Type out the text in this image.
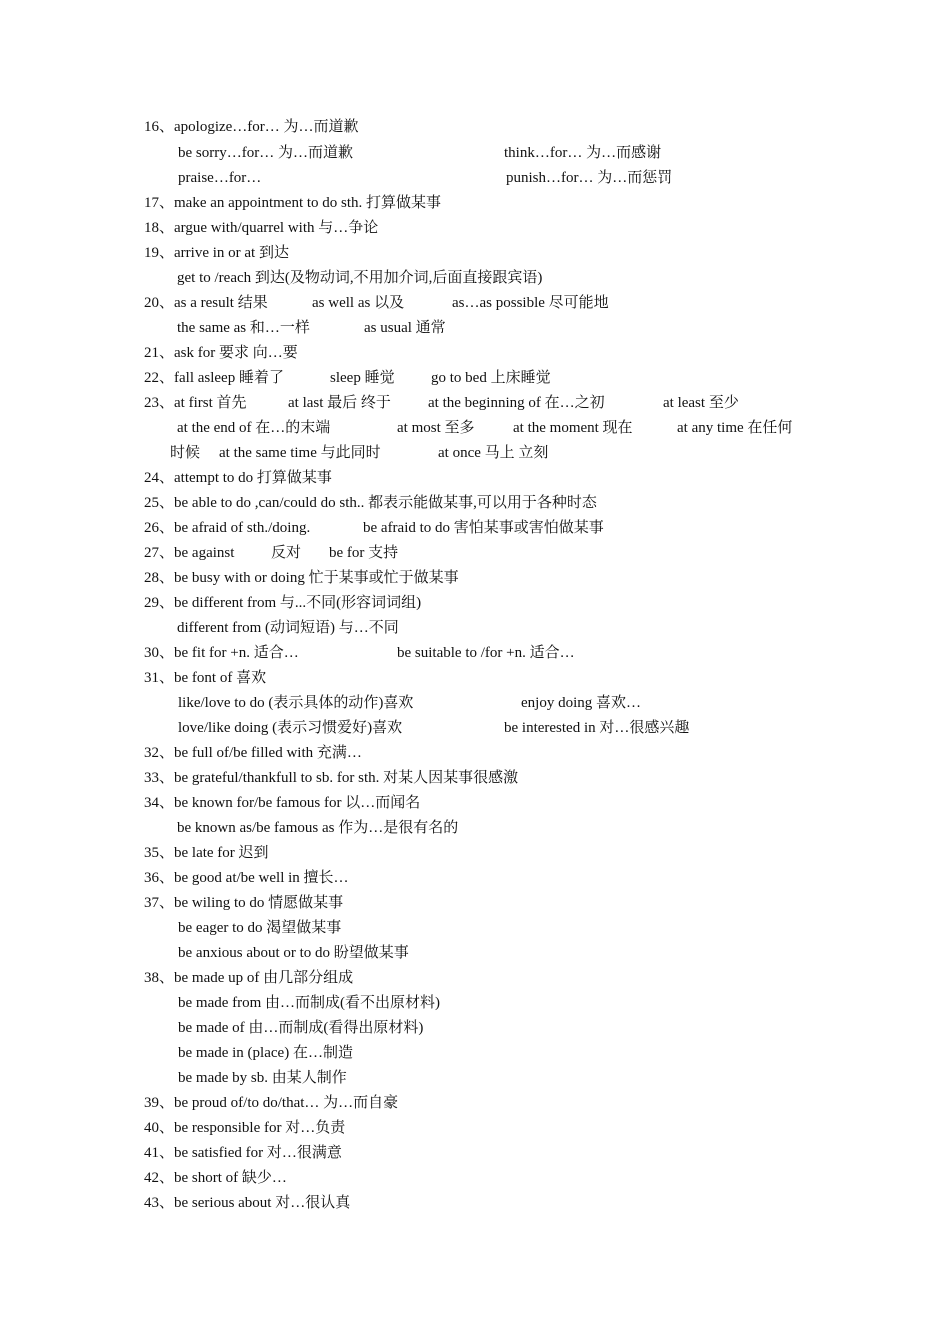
16、apologize…for… 为…而道歉
be sorry…for… 为…而道歉	think…for… 为…而感谢
praise…for…	punish…for… 为…而惩罚
17、make an appointment to do sth. 打算做某事
18、argue with/quarrel with 与…争论
19、arrive in or at 到达
get to /reach 到达(及物动词,不用加介词,后面直接跟宾语)
20、as a result 结果	as well as 以及	as…as possible 尽可能地
the same as 和…一样	as usual 通常
21、ask for 要求 向…要
22、fall asleep 睡着了	sleep 睡觉 go to bed 上床睡觉
23、at first 首先	at last 最后 终于 at the beginning of 在…之初	at least 至少
at the end of 在…的末端	at most 至多	at the moment 现在	at any time 在任何
时候 at the same time 与此同时	at once 马上 立刻
24、attempt to do 打算做某事
25、be able to do ,can/could do sth.. 都表示能做某事,可以用于各种时态
26、be afraid of sth./doing.	be afraid to do 害怕某事或害怕做某事
27、be against 反对 be for 支持
28、be busy with or doing 忙于某事或忙于做某事
29、be different from 与...不同(形容词词组)
different from (动词短语) 与…不同
30、be fit for +n. 适合…	be suitable to /for +n. 适合…
31、be font of 喜欢
like/love to do (表示具体的动作)喜欢	enjoy doing 喜欢…
love/like doing (表示习惯爱好)喜欢	be interested in 对…很感兴趣
32、be full of/be filled with 充满…
33、be grateful/thankfull to sb. for sth. 对某人因某事很感激
34、be known for/be famous for 以…而闻名
be known as/be famous as 作为…是很有名的
35、be late for 迟到
36、be good at/be well in 擅长…
37、be wiling to do 情愿做某事
be eager to do 渴望做某事
be anxious about or to do 盼望做某事
38、be made up of 由几部分组成
be made from 由…而制成(看不出原材料)
be made of 由…而制成(看得出原材料)
be made in (place) 在…制造
be made by sb. 由某人制作
39、be proud of/to do/that… 为…而自豪
40、be responsible for 对…负责
41、be satisfied for 对…很满意
42、be short of 缺少…
43、be serious about 对…很认真
